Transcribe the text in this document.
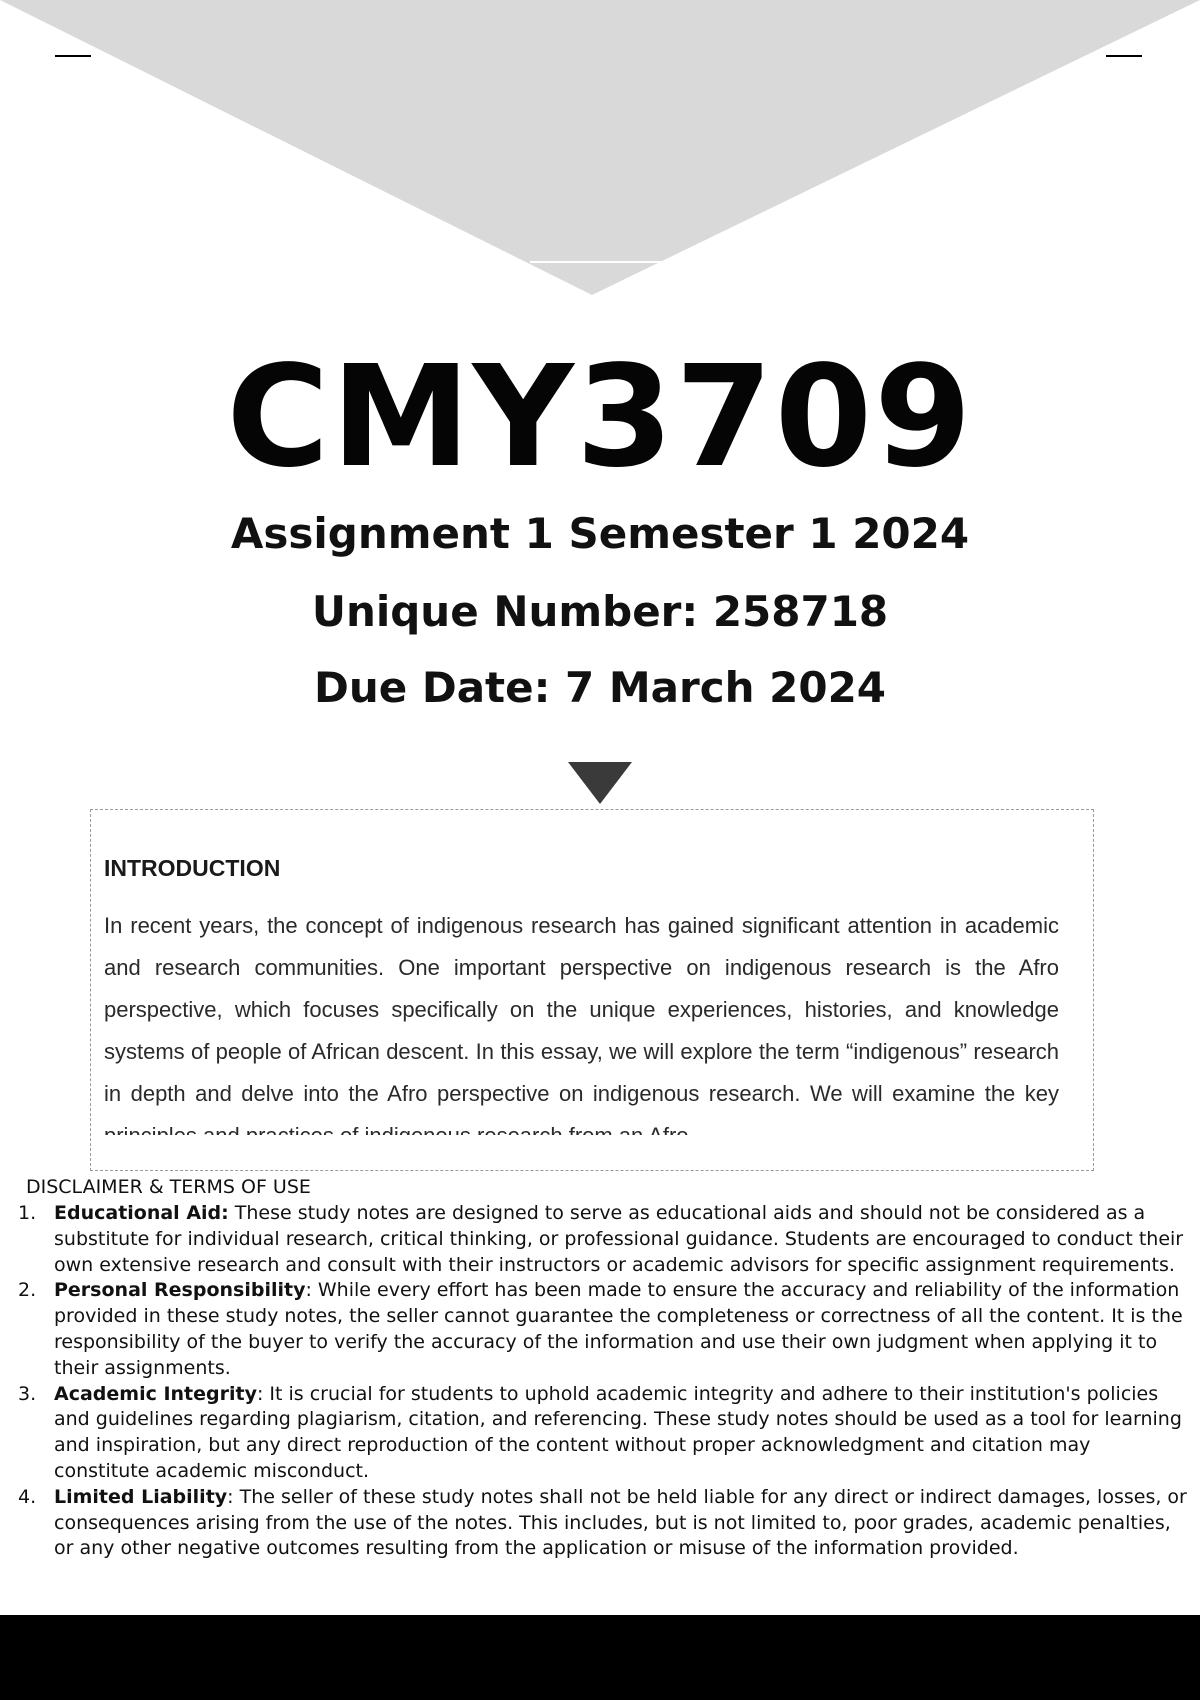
CMY3709
Assignment 1 Semester 1 2024
Unique Number: 258718
Due Date: 7 March 2024
INTRODUCTION
In recent years, the concept of indigenous research has gained significant attention in academic and research communities. One important perspective on indigenous research is the Afro perspective, which focuses specifically on the unique experiences, histories, and knowledge systems of people of African descent. In this essay, we will explore the term “indigenous” research in depth and delve into the Afro perspective on indigenous research. We will examine the key
DISCLAIMER & TERMS OF USE
1. Educational Aid: These study notes are designed to serve as educational aids and should not be considered as a substitute for individual research, critical thinking, or professional guidance. Students are encouraged to conduct their own extensive research and consult with their instructors or academic advisors for specific assignment requirements.
2. Personal Responsibility: While every effort has been made to ensure the accuracy and reliability of the information provided in these study notes, the seller cannot guarantee the completeness or correctness of all the content. It is the responsibility of the buyer to verify the accuracy of the information and use their own judgment when applying it to their assignments.
3. Academic Integrity: It is crucial for students to uphold academic integrity and adhere to their institution's policies and guidelines regarding plagiarism, citation, and referencing. These study notes should be used as a tool for learning and inspiration, but any direct reproduction of the content without proper acknowledgment and citation may constitute academic misconduct.
4. Limited Liability: The seller of these study notes shall not be held liable for any direct or indirect damages, losses, or consequences arising from the use of the notes. This includes, but is not limited to, poor grades, academic penalties, or any other negative outcomes resulting from the application or misuse of the information provided.
